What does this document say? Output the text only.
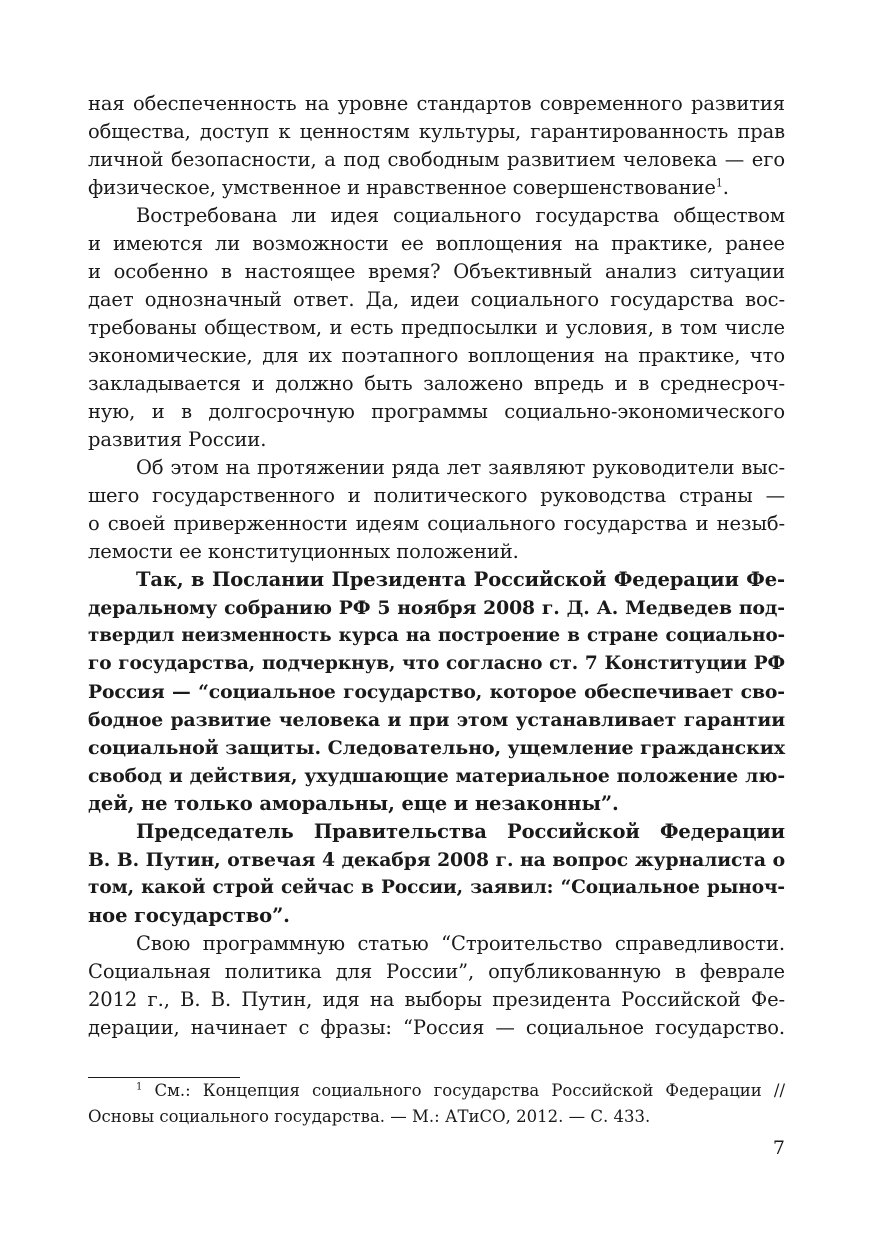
ная обеспеченность на уровне стандартов современного развития
общества, доступ к ценностям культуры, гарантированность прав
личной безопасности, а под свободным развитием человека — его
физическое, умственное и нравственное совершенствование$^1$.
Востребована ли идея социального государства обществом
и имеются ли возможности ее воплощения на практике, ранее
и особенно в настоящее время? Объективный анализ ситуации
дает однозначный ответ. Да, идеи социального государства вос-
требованы обществом, и есть предпосылки и условия, в том числе
экономические, для их поэтапного воплощения на практике, что
закладывается и должно быть заложено впредь и в среднесроч-
ную, и в долгосрочную программы социально-экономического
развития России.
Об этом на протяжении ряда лет заявляют руководители выс-
шего государственного и политического руководства страны —
о своей приверженности идеям социального государства и незыб-
лемости ее конституционных положений.
Так, в Послании Президента Российской Федерации Фе-
деральному собранию РФ 5 ноября 2008 г. Д. А. Медведев под-
твердил неизменность курса на построение в стране социально-
го государства, подчеркнув, что согласно ст. 7 Конституции РФ
Россия — “социальное государство, которое обеспечивает сво-
бодное развитие человека и при этом устанавливает гарантии
социальной защиты. Следовательно, ущемление гражданских
свобод и действия, ухудшающие материальное положение лю-
дей, не только аморальны, еще и незаконны”.
Председатель Правительства Российской Федерации
В. В. Путин, отвечая 4 декабря 2008 г. на вопрос журналиста о
том, какой строй сейчас в России, заявил: “Социальное рыноч-
ное государство”.
Свою программную статью “Строительство справедливости.
Социальная политика для России”, опубликованную в феврале
2012 г., В. В. Путин, идя на выборы президента Российской Фе-
дерации, начинает с фразы: “Россия — социальное государство.
$^1$ См.: Концепция социального государства Российской Федерации //
Основы социального государства. — М.: АТиСО, 2012. — С. 433.
7
